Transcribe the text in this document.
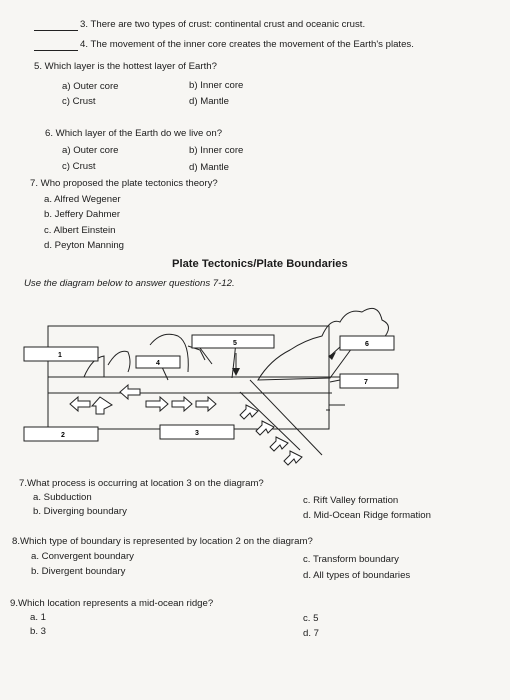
3. There are two types of crust: continental crust and oceanic crust.
4. The movement of the inner core creates the movement of the Earth's plates.
5. Which layer is the hottest layer of Earth?
a) Outer core	b) Inner core
c) Crust	d) Mantle
6. Which layer of the Earth do we live on?
a) Outer core	b) Inner core
c) Crust	d) Mantle
7. Who proposed the plate tectonics theory?
a. Alfred Wegener
b. Jeffery Dahmer
c. Albert Einstein
d. Peyton Manning
Plate Tectonics/Plate Boundaries
Use the diagram below to answer questions 7-12.
1
2	3
4
5	6
7
7.What process is occurring at location 3 on the diagram?
a. Subduction
b. Diverging boundary
c. Rift Valley formation
d. Mid-Ocean Ridge formation
8.Which type of boundary is represented by location 2 on the diagram?
a. Convergent boundary
b. Divergent boundary
c. Transform boundary
d. All types of boundaries
9.Which location represents a mid-ocean ridge?
a. 1
b. 3
c. 5
d. 7
